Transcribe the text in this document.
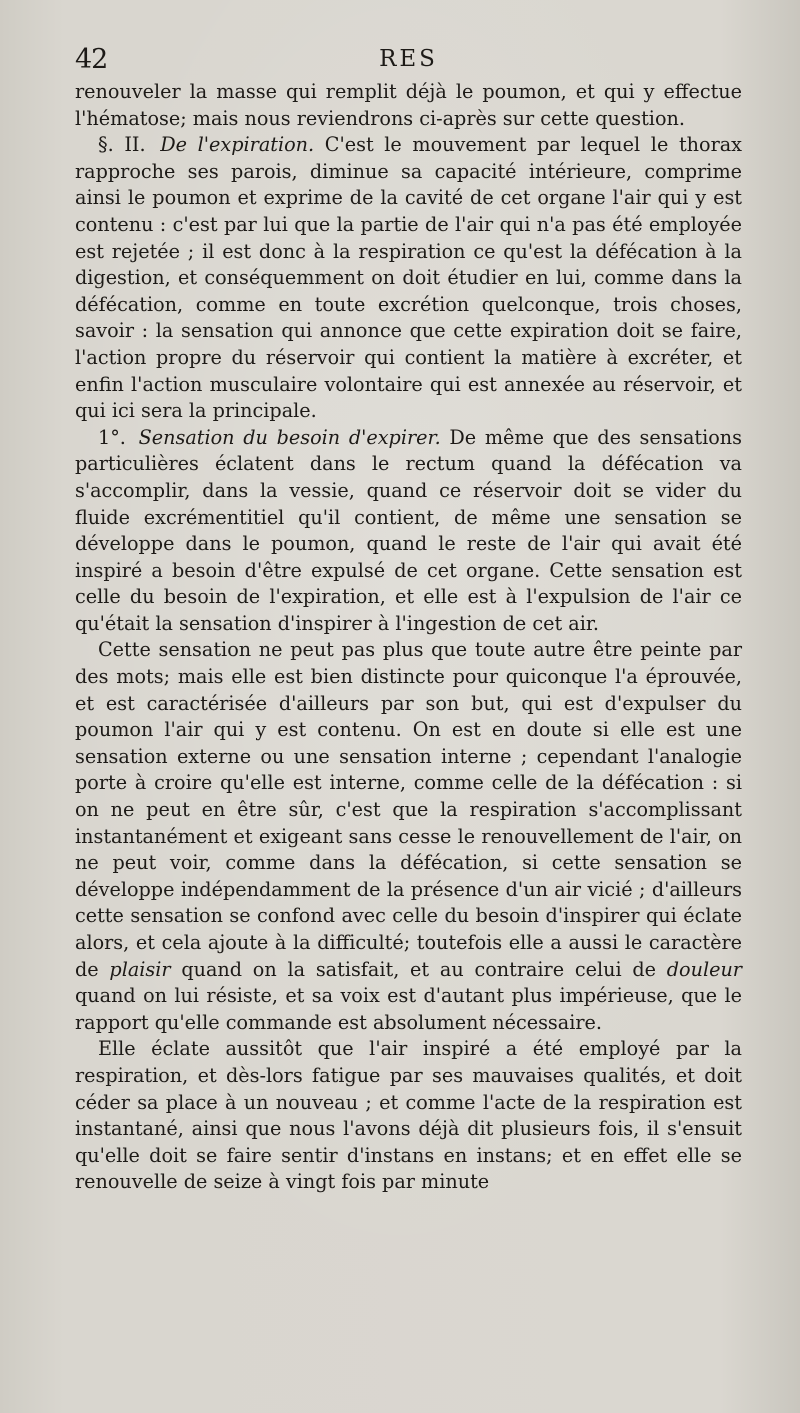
42	RES

renouveler la masse qui remplit déjà le poumon, et qui y effectue l'hématose; mais nous reviendrons ci-après sur cette question.

§. II. De l'expiration. C'est le mouvement par lequel le thorax rapproche ses parois, diminue sa capacité intérieure, comprime ainsi le poumon et exprime de la cavité de cet organe l'air qui y est contenu : c'est par lui que la partie de l'air qui n'a pas été employée est rejetée ; il est donc à la respiration ce qu'est la défécation à la digestion, et conséquemment on doit étudier en lui, comme dans la défécation, comme en toute excrétion quelconque, trois choses, savoir : la sensation qui annonce que cette expiration doit se faire, l'action propre du réservoir qui contient la matière à excréter, et enfin l'action musculaire volontaire qui est annexée au réservoir, et qui ici sera la principale.

1°. Sensation du besoin d'expirer. De même que des sensations particulières éclatent dans le rectum quand la défécation va s'accomplir, dans la vessie, quand ce réservoir doit se vider du fluide excrémentitiel qu'il contient, de même une sensation se développe dans le poumon, quand le reste de l'air qui avait été inspiré a besoin d'être expulsé de cet organe. Cette sensation est celle du besoin de l'expiration, et elle est à l'expulsion de l'air ce qu'était la sensation d'inspirer à l'ingestion de cet air.

Cette sensation ne peut pas plus que toute autre être peinte par des mots; mais elle est bien distincte pour quiconque l'a éprouvée, et est caractérisée d'ailleurs par son but, qui est d'expulser du poumon l'air qui y est contenu. On est en doute si elle est une sensation externe ou une sensation interne ; cependant l'analogie porte à croire qu'elle est interne, comme celle de la défécation : si on ne peut en être sûr, c'est que la respiration s'accomplissant instantanément et exigeant sans cesse le renouvellement de l'air, on ne peut voir, comme dans la défécation, si cette sensation se développe indépendamment de la présence d'un air vicié ; d'ailleurs cette sensation se confond avec celle du besoin d'inspirer qui éclate alors, et cela ajoute à la difficulté; toutefois elle a aussi le caractère de plaisir quand on la satisfait, et au contraire celui de douleur quand on lui résiste, et sa voix est d'autant plus impérieuse, que le rapport qu'elle commande est absolument nécessaire.

Elle éclate aussitôt que l'air inspiré a été employé par la respiration, et dès-lors fatigue par ses mauvaises qualités, et doit céder sa place à un nouveau ; et comme l'acte de la respiration est instantané, ainsi que nous l'avons déjà dit plusieurs fois, il s'ensuit qu'elle doit se faire sentir d'instans en instans; et en effet elle se renouvelle de seize à vingt fois par minute
